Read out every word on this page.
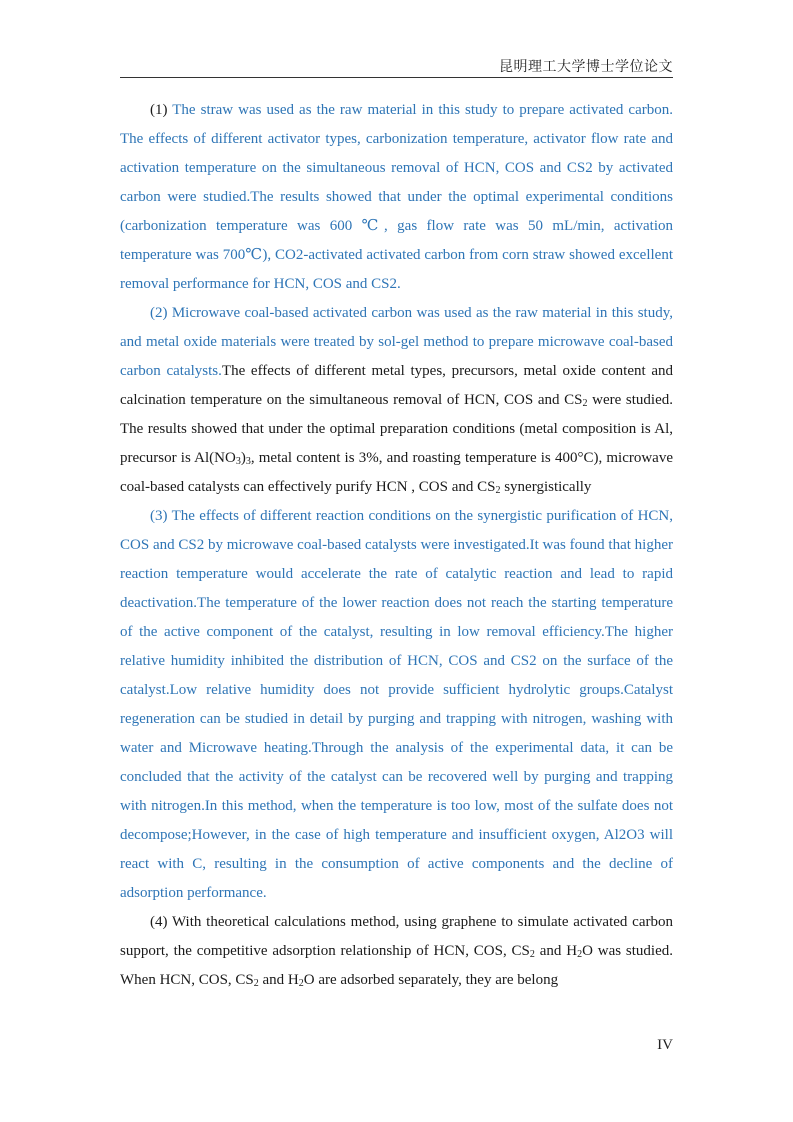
昆明理工大学博士学位论文

(1) The straw was used as the raw material in this study to prepare activated carbon. The effects of different activator types, carbonization temperature, activator flow rate and activation temperature on the simultaneous removal of HCN, COS and CS2 by activated carbon were studied.The results showed that under the optimal experimental conditions (carbonization temperature was 600 ℃, gas flow rate was 50 mL/min, activation temperature was 700℃), CO2-activated activated carbon from corn straw showed excellent removal performance for HCN, COS and CS2.

(2) Microwave coal-based activated carbon was used as the raw material in this study, and metal oxide materials were treated by sol-gel method to prepare microwave coal-based carbon catalysts.The effects of different metal types, precursors, metal oxide content and calcination temperature on the simultaneous removal of HCN, COS and $CS_2$ were studied. The results showed that under the optimal preparation conditions (metal composition is Al, precursor is $Al(NO_3)_3$, metal content is 3%, and roasting temperature is 400°C), microwave coal-based catalysts can effectively purify HCN , COS and $CS_2$ synergistically

(3) The effects of different reaction conditions on the synergistic purification of HCN, COS and CS2 by microwave coal-based catalysts were investigated.It was found that higher reaction temperature would accelerate the rate of catalytic reaction and lead to rapid deactivation.The temperature of the lower reaction does not reach the starting temperature of the active component of the catalyst, resulting in low removal efficiency.The higher relative humidity inhibited the distribution of HCN, COS and CS2 on the surface of the catalyst.Low relative humidity does not provide sufficient hydrolytic groups.Catalyst regeneration can be studied in detail by purging and trapping with nitrogen, washing with water and Microwave heating.Through the analysis of the experimental data, it can be concluded that the activity of the catalyst can be recovered well by purging and trapping with nitrogen.In this method, when the temperature is too low, most of the sulfate does not decompose;However, in the case of high temperature and insufficient oxygen, Al2O3 will react with C, resulting in the consumption of active components and the decline of adsorption performance.

(4) With theoretical calculations method, using graphene to simulate activated carbon support, the competitive adsorption relationship of HCN, COS, $CS_2$ and $H_2O$ was studied. When HCN, COS, $CS_2$ and $H_2O$ are adsorbed separately, they are belong

IV
